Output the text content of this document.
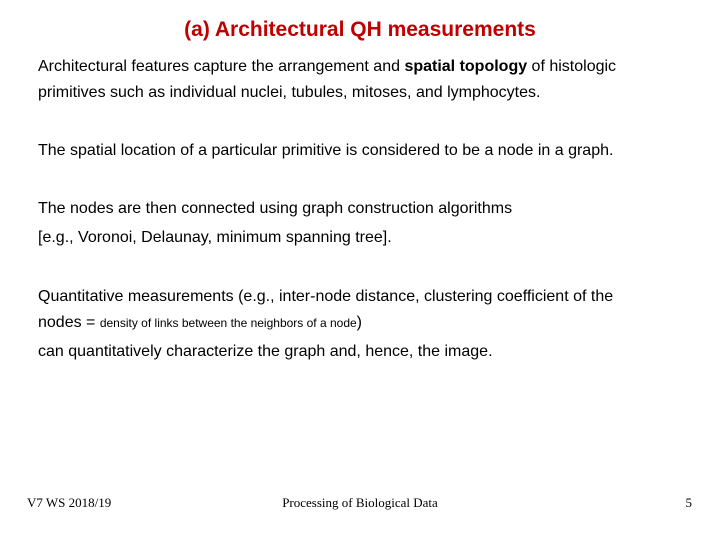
(a) Architectural QH measurements
Architectural features capture the arrangement and spatial topology of histologic
primitives such as individual nuclei, tubules, mitoses, and lymphocytes.
The spatial location of a particular primitive is considered to be a node in a graph.
The nodes are then connected using graph construction algorithms
[e.g., Voronoi, Delaunay, minimum spanning tree].
Quantitative measurements (e.g., inter-node distance, clustering coefficient of the
nodes = density of links between the neighbors of a node)
can quantitatively characterize the graph and, hence, the image.
V7 WS 2018/19	Processing of Biological Data	5
